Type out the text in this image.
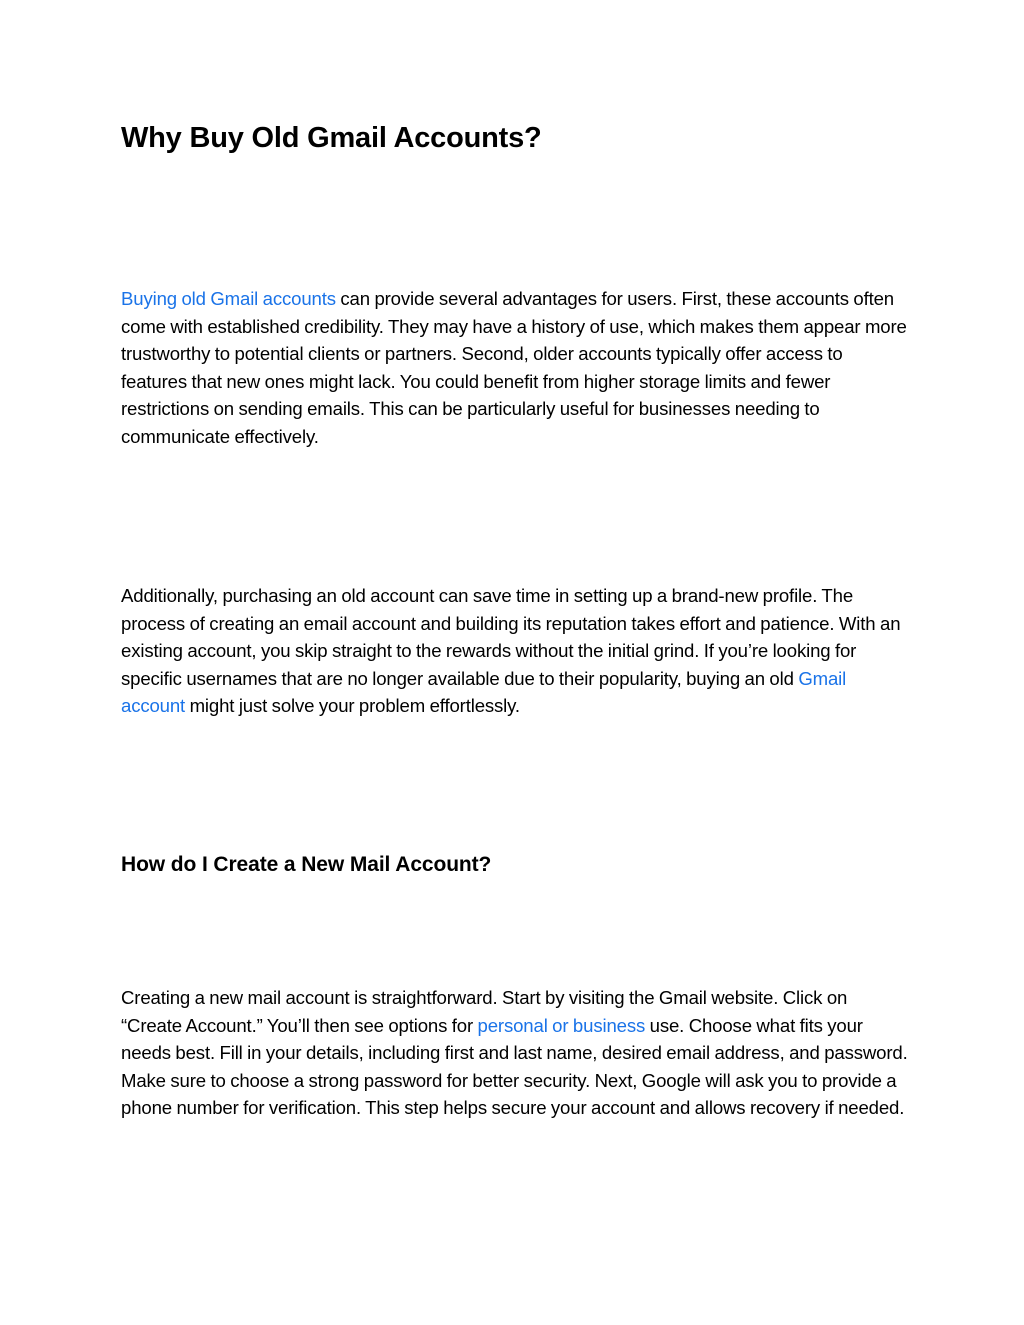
Why Buy Old Gmail Accounts?

Buying old Gmail accounts can provide several advantages for users. First, these accounts often come with established credibility. They may have a history of use, which makes them appear more trustworthy to potential clients or partners. Second, older accounts typically offer access to features that new ones might lack. You could benefit from higher storage limits and fewer restrictions on sending emails. This can be particularly useful for businesses needing to communicate effectively.

Additionally, purchasing an old account can save time in setting up a brand-new profile. The process of creating an email account and building its reputation takes effort and patience. With an existing account, you skip straight to the rewards without the initial grind. If you’re looking for specific usernames that are no longer available due to their popularity, buying an old Gmail account might just solve your problem effortlessly.

How do I Create a New Mail Account?

Creating a new mail account is straightforward. Start by visiting the Gmail website. Click on “Create Account.” You’ll then see options for personal or business use. Choose what fits your needs best. Fill in your details, including first and last name, desired email address, and password. Make sure to choose a strong password for better security. Next, Google will ask you to provide a phone number for verification. This step helps secure your account and allows recovery if needed.
